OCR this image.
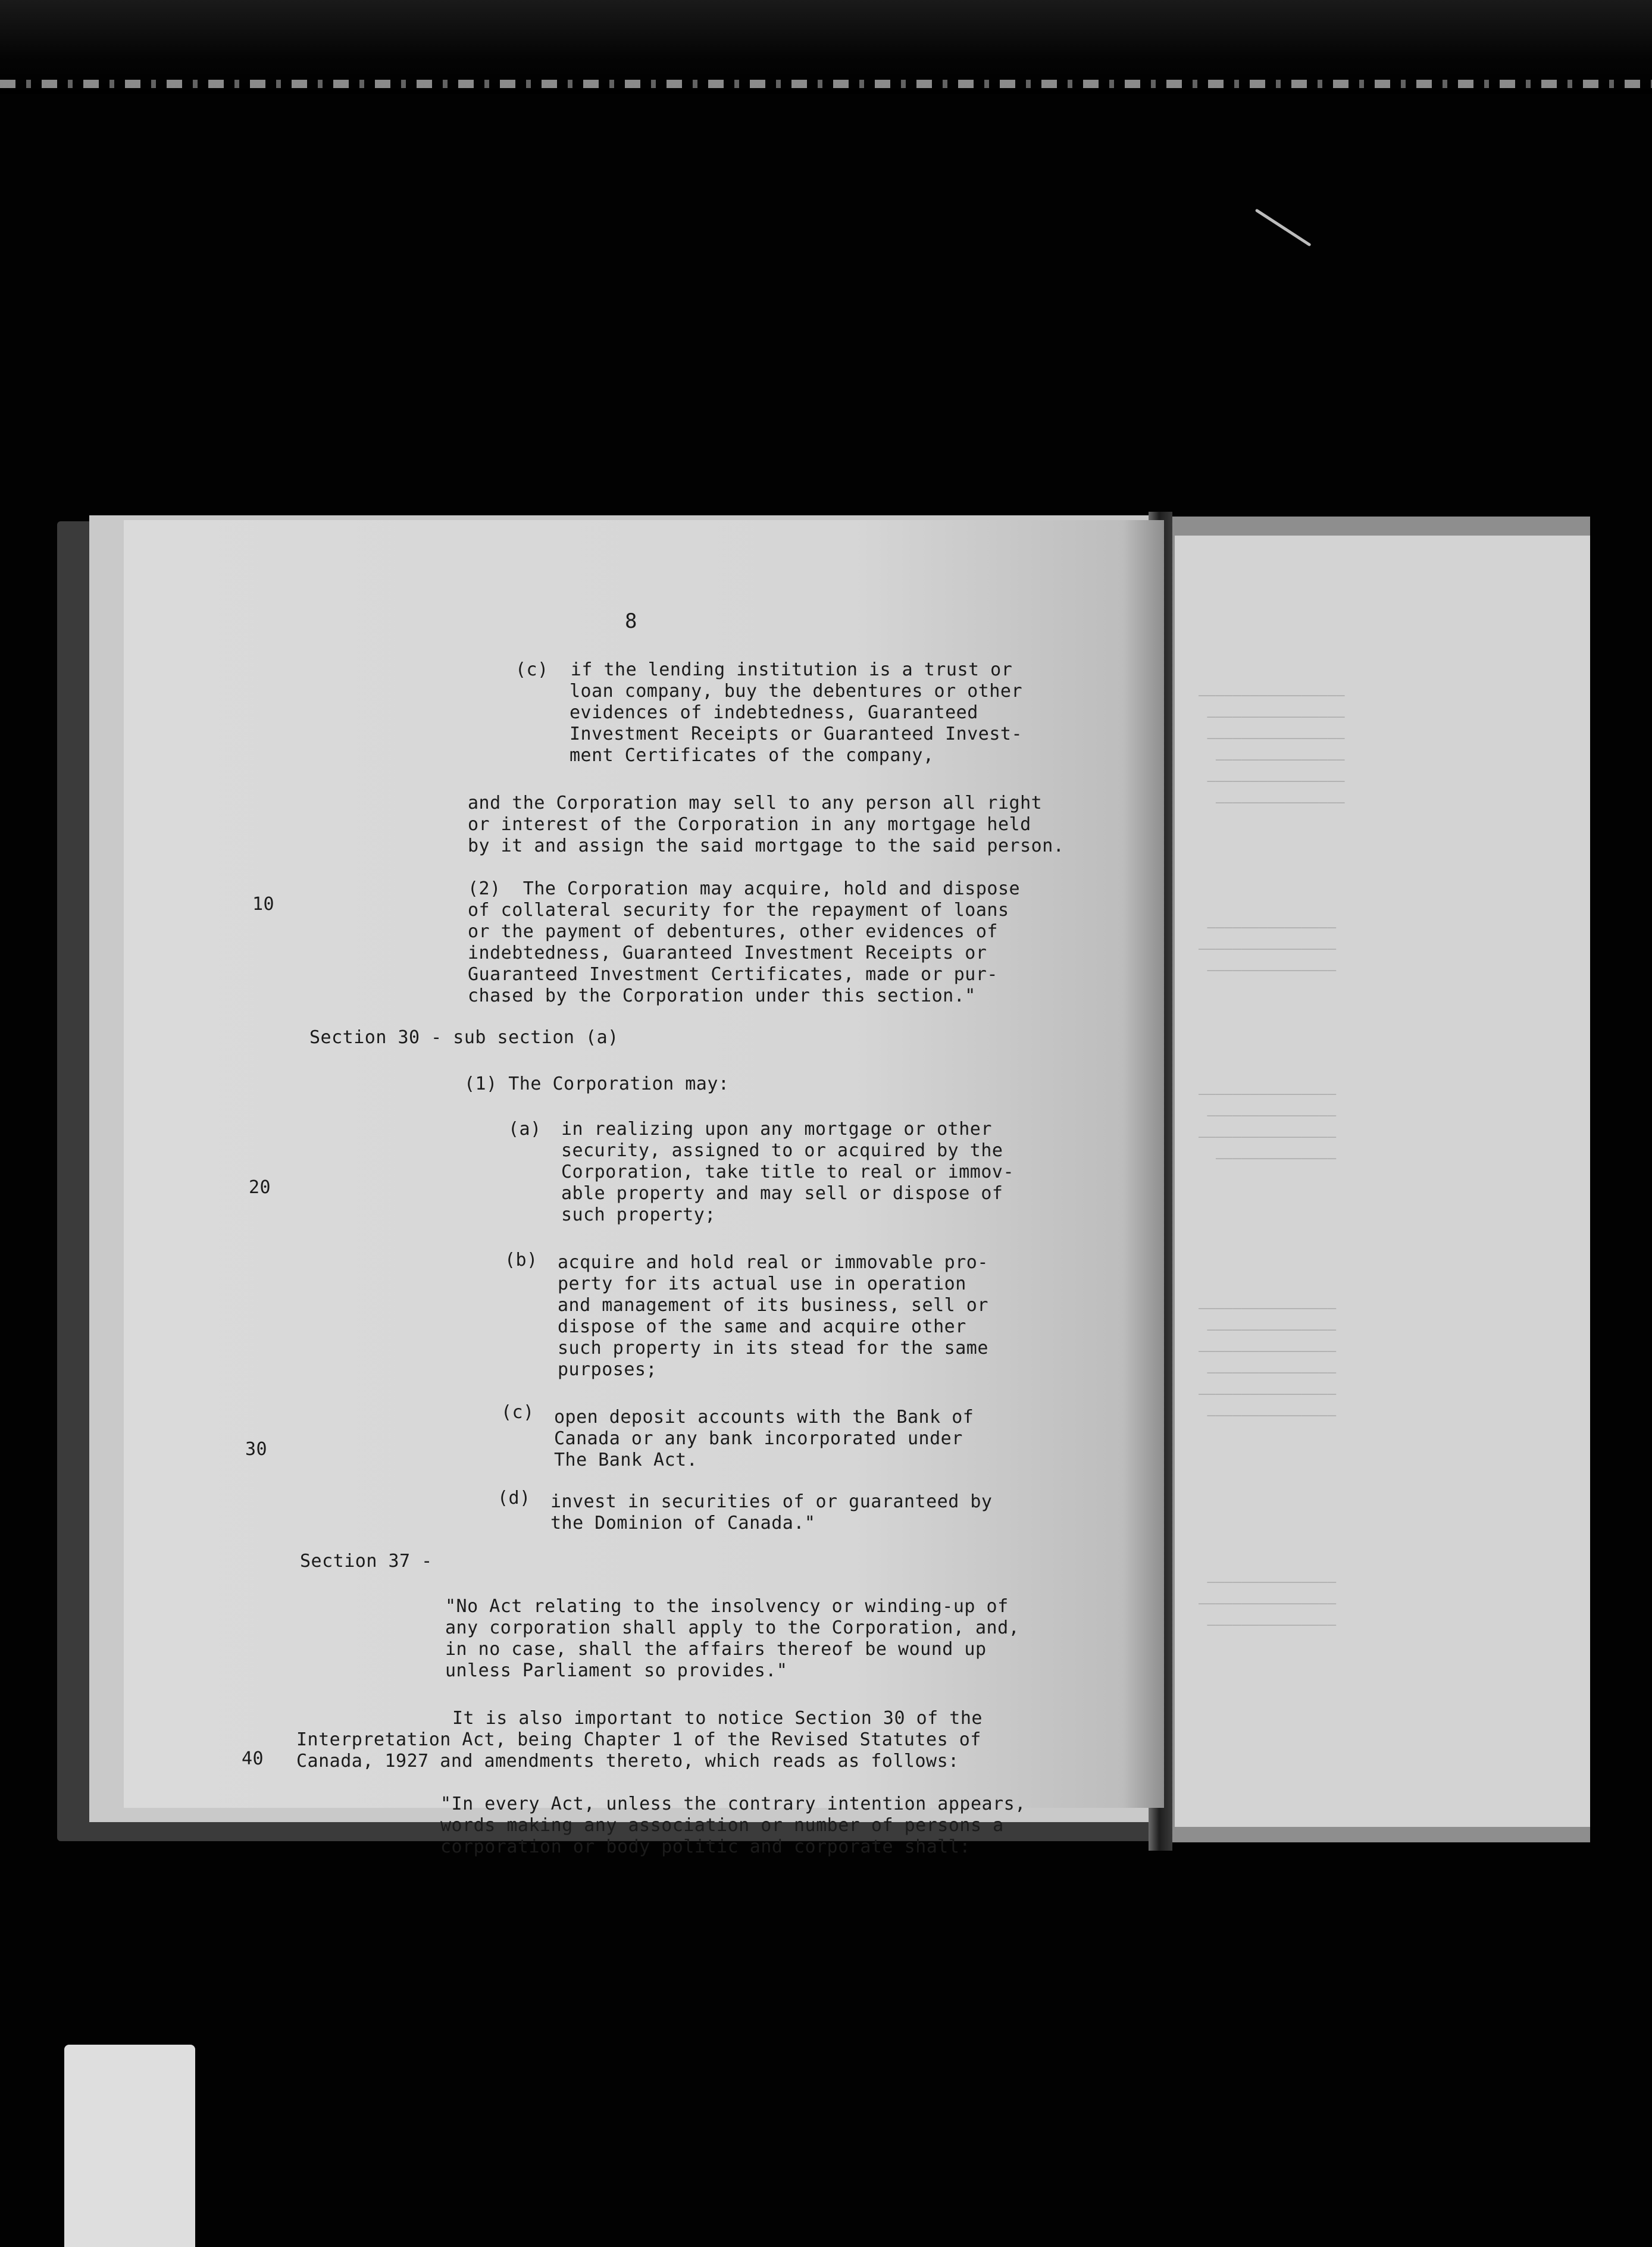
—————————————————
————————————————
————————————————
———————————————
————————————————
———————————————
———————————————
————————————————
———————————————
————————————————
———————————————
————————————————
——————————————
————————————————
———————————————
————————————————
———————————————
————————————————
———————————————
———————————————
————————————————
———————————————
8
10
20
30
40
(c)  if the lending institution is a trust or
loan company, buy the debentures or other
evidences of indebtedness, Guaranteed
Investment Receipts or Guaranteed Invest-
ment Certificates of the company,
and the Corporation may sell to any person all right
or interest of the Corporation in any mortgage held
by it and assign the said mortgage to the said person.
(2)  The Corporation may acquire, hold and dispose
of collateral security for the repayment of loans
or the payment of debentures, other evidences of
indebtedness, Guaranteed Investment Receipts or
Guaranteed Investment Certificates, made or pur-
chased by the Corporation under this section."
Section 30 - sub section (a)
(1) The Corporation may:
(a) in realizing upon any mortgage or other
security, assigned to or acquired by the
Corporation, take title to real or immov-
able property and may sell or dispose of
such property;
(b) acquire and hold real or immovable pro-
perty for its actual use in operation
and management of its business, sell or
dispose of the same and acquire other
such property in its stead for the same
purposes;
(c) open deposit accounts with the Bank of
Canada or any bank incorporated under
The Bank Act.
(d) invest in securities of or guaranteed by
the Dominion of Canada."
Section 37 -
"No Act relating to the insolvency or winding-up of
any corporation shall apply to the Corporation, and,
in no case, shall the affairs thereof be wound up
unless Parliament so provides."
It is also important to notice Section 30 of the
Interpretation Act, being Chapter 1 of the Revised Statutes of
Canada, 1927 and amendments thereto, which reads as follows:
"In every Act, unless the contrary intention appears,
words making any association or number of persons a
corporation or body politic and corporate shall:
